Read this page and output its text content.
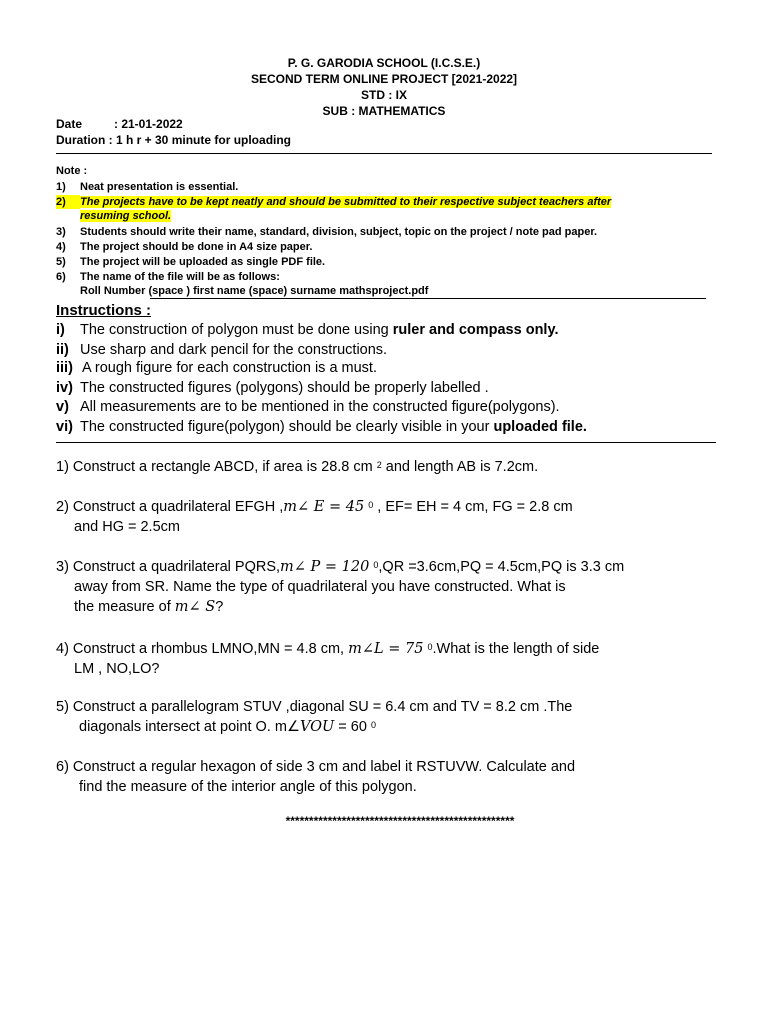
P. G. GARODIA SCHOOL (I.C.S.E.)
SECOND TERM ONLINE PROJECT [2021-2022]
STD : IX
SUB : MATHEMATICS
Date	: 21-01-2022
Duration : 1 h r + 30 minute for uploading
Note :
1)	Neat presentation is essential.
2)	The projects have to be kept neatly and should be submitted to their respective subject teachers after
resuming school.
3)	Students should write their name, standard, division, subject, topic on the project / note pad paper.
4)	The project should be done in A4 size paper.
5)	The project will be uploaded as single PDF file.
6)	The name of the file will be as follows:
Roll Number (space ) first name (space) surname mathsproject.pdf
Instructions :
i) The construction of polygon must be done using ruler and compass only.
ii) Use sharp and dark pencil for the constructions.
iii) A rough figure for each construction is a must.
iv) The constructed figures (polygons) should be properly labelled .
v) All measurements are to be mentioned in the constructed figure(polygons).
vi) The constructed figure(polygon) should be clearly visible in your uploaded file.
1) Construct a rectangle ABCD, if area is 28.8 cm $^2$ and length AB is 7.2cm.
2) Construct a quadrilateral EFGH ,m∠ E = 45 $^0$ , EF= EH = 4 cm, FG = 2.8 cm
and HG = 2.5cm
3) Construct a quadrilateral PQRS,m∠ P = 120 $^0$,QR =3.6cm,PQ = 4.5cm,PQ is 3.3 cm
away from SR. Name the type of quadrilateral you have constructed. What is
the measure of m∠ S?
4) Construct a rhombus LMNO,MN = 4.8 cm, m∠L = 75 $^0$.What is the length of side
LM , NO,LO?
5) Construct a parallelogram STUV ,diagonal SU = 6.4 cm and TV = 8.2 cm .The
diagonals intersect at point O. m∠VOU = 60 $^0$
6) Construct a regular hexagon of side 3 cm and label it RSTUVW. Calculate and
find the measure of the interior angle of this polygon.
*************************************************
